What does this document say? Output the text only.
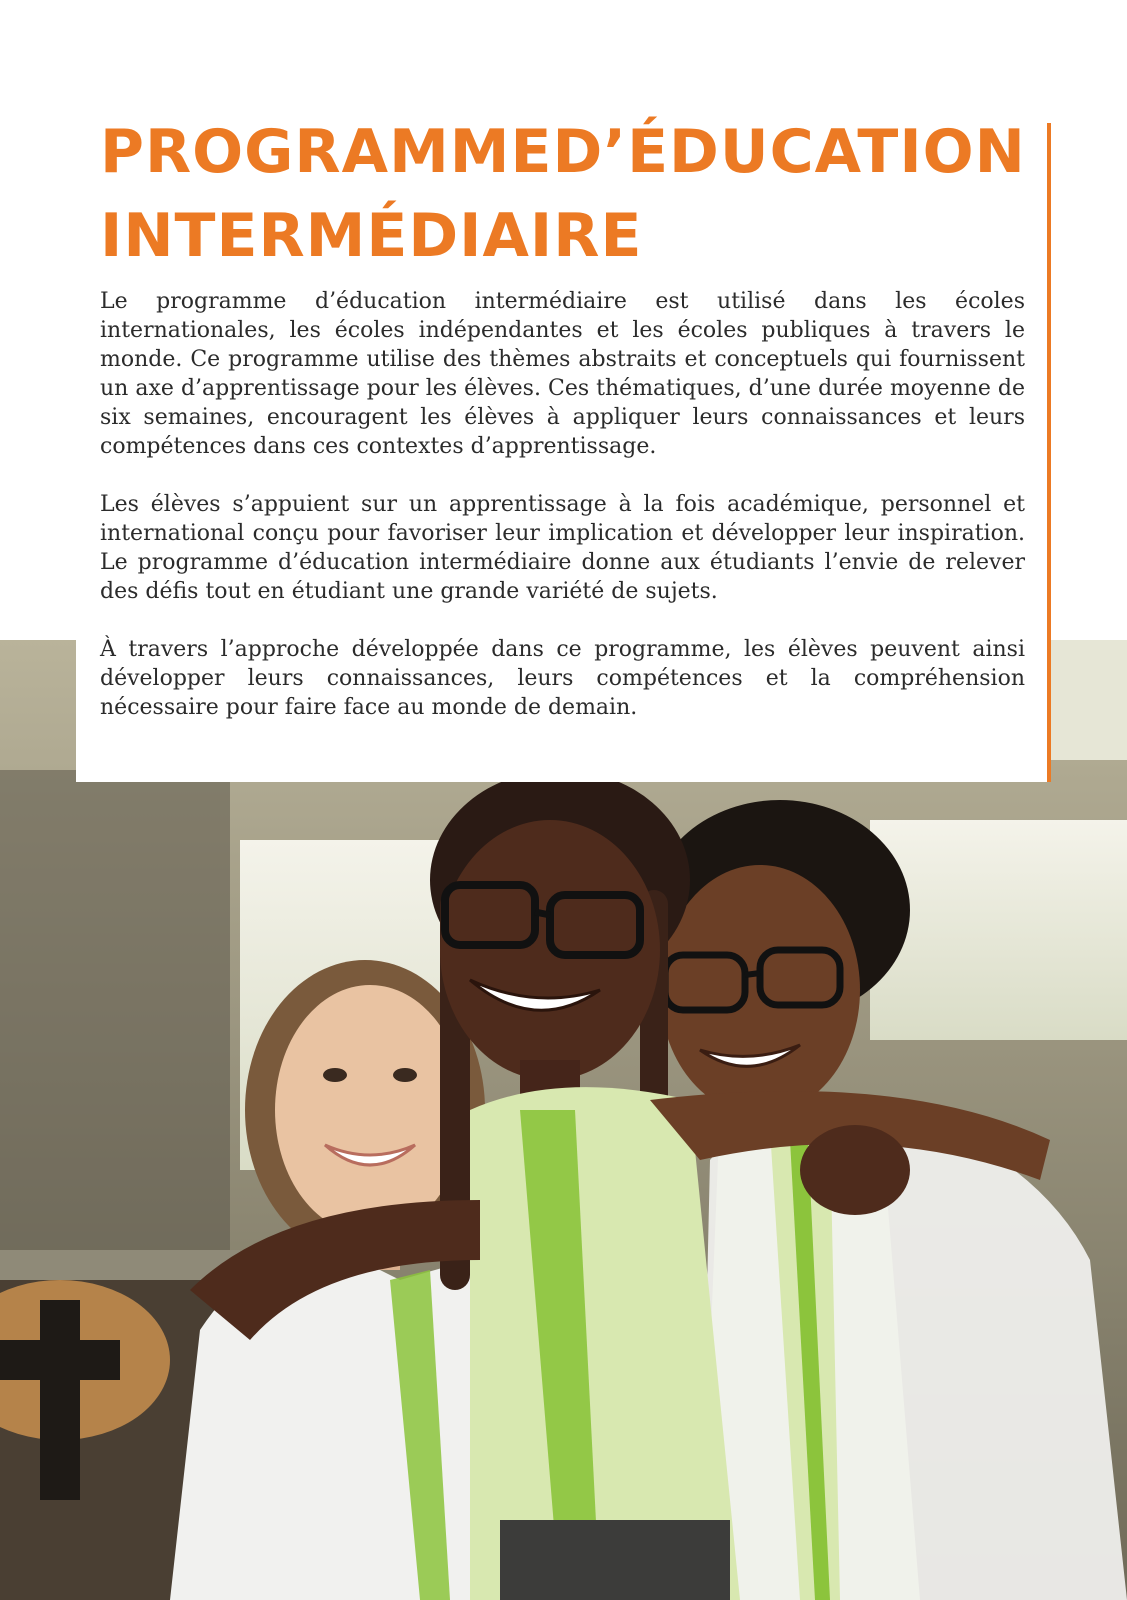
PROGRAMME D’ÉDUCATION
INTERMÉDIAIRE

Le programme d’éducation intermédiaire est utilisé dans les écoles internationales, les écoles indépendantes et les écoles publiques à travers le monde. Ce programme utilise des thèmes abstraits et conceptuels qui fournissent un axe d’apprentissage pour les élèves. Ces thématiques, d’une durée moyenne de six semaines, encouragent les élèves à appliquer leurs connaissances et leurs compétences dans ces contextes d’apprentissage.

Les élèves s’appuient sur un apprentissage à la fois académique, personnel et international conçu pour favoriser leur implication et développer leur inspiration. Le programme d’éducation intermédiaire donne aux étudiants l’envie de relever des défis tout en étudiant une grande variété de sujets.

À travers l’approche développée dans ce programme, les élèves peuvent ainsi développer leurs connaissances, leurs compétences et la compréhension nécessaire pour faire face au monde de demain.
